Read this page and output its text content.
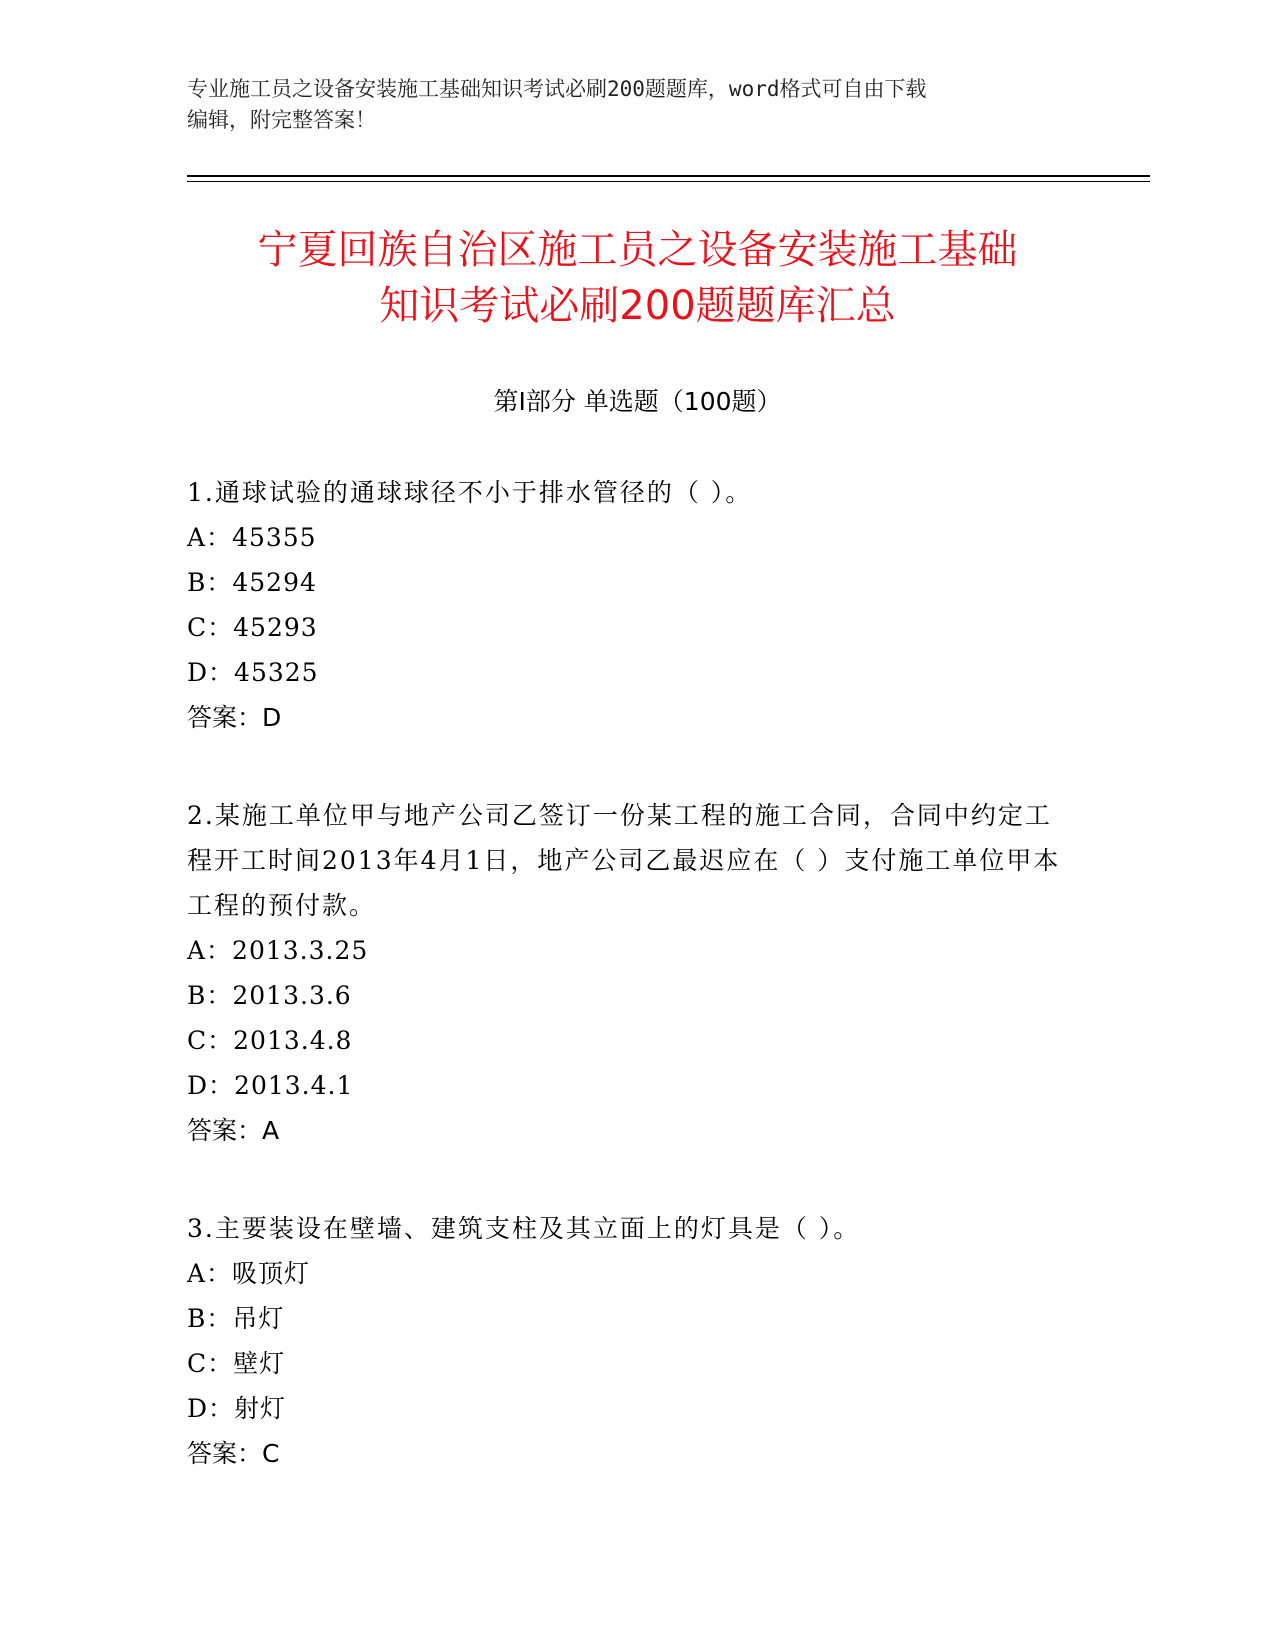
专业施工员之设备安装施工基础知识考试必刷200题题库，word格式可自由下载
编辑，附完整答案！
宁夏回族自治区施工员之设备安装施工基础
知识考试必刷200题题库汇总
第Ⅰ部分 单选题（100题）
1.通球试验的通球球径不小于排水管径的（ ）。
A：45355
B：45294
C：45293
D：45325
答案：D
2.某施工单位甲与地产公司乙签订一份某工程的施工合同，合同中约定工程开工时间2013年4月1日，地产公司乙最迟应在（ ）支付施工单位甲本工程的预付款。
A：2013.3.25
B：2013.3.6
C：2013.4.8
D：2013.4.1
答案：A
3.主要装设在壁墙、建筑支柱及其立面上的灯具是（ ）。
A：吸顶灯
B：吊灯
C：壁灯
D：射灯
答案：C
